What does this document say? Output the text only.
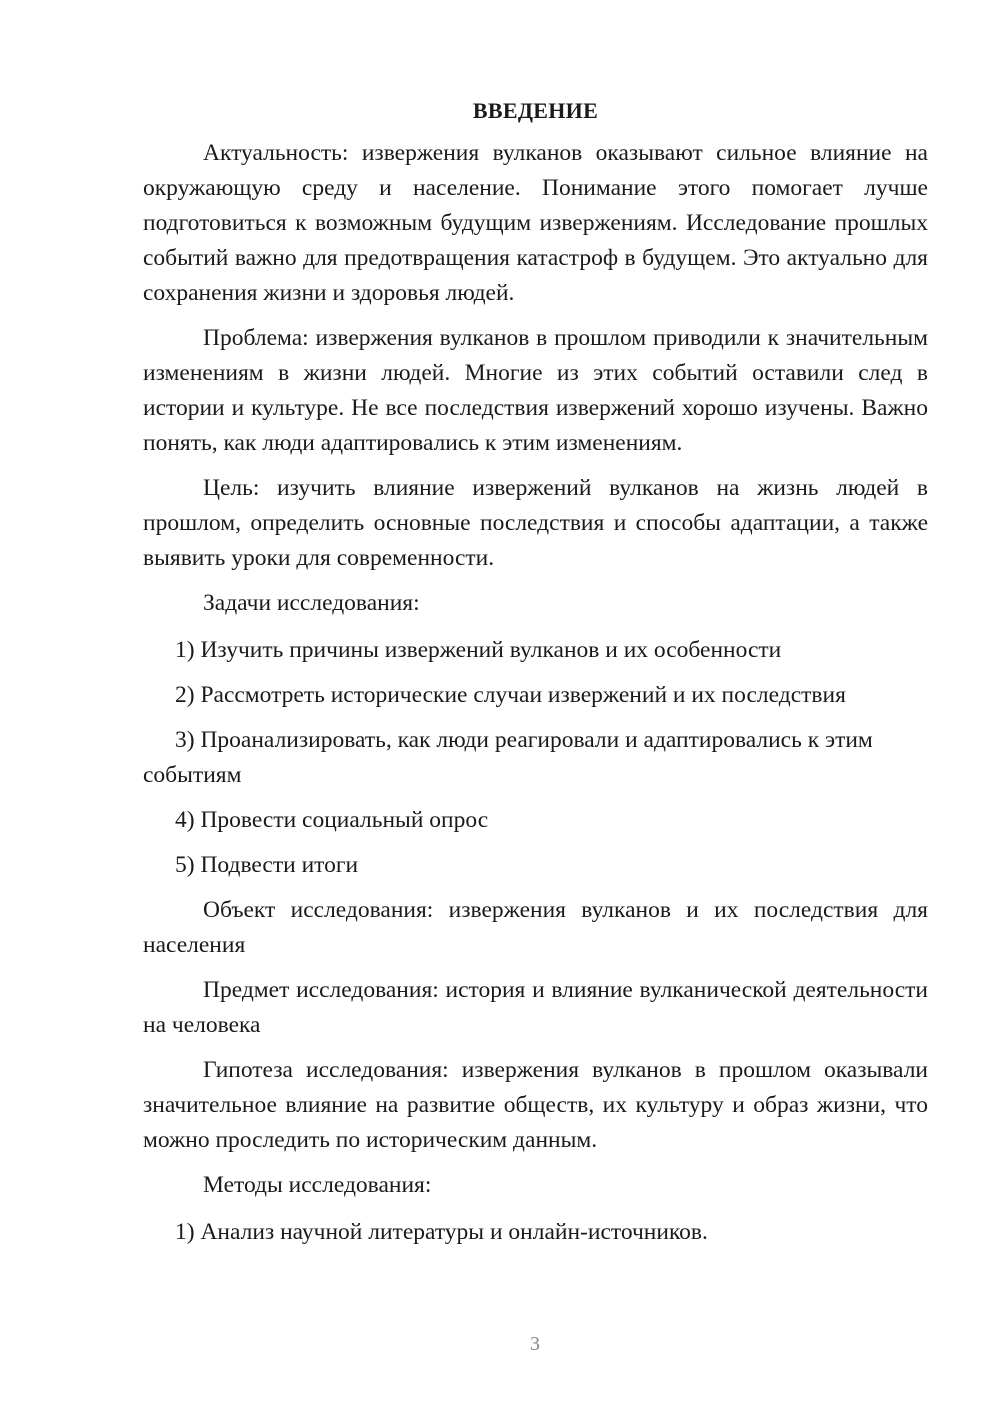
ВВЕДЕНИЕ

Актуальность: извержения вулканов оказывают сильное влияние на окружающую среду и население. Понимание этого помогает лучше подготовиться к возможным будущим извержениям. Исследование прошлых событий важно для предотвращения катастроф в будущем. Это актуально для сохранения жизни и здоровья людей.

Проблема: извержения вулканов в прошлом приводили к значительным изменениям в жизни людей. Многие из этих событий оставили след в истории и культуре. Не все последствия извержений хорошо изучены. Важно понять, как люди адаптировались к этим изменениям.

Цель: изучить влияние извержений вулканов на жизнь людей в прошлом, определить основные последствия и способы адаптации, а также выявить уроки для современности.

Задачи исследования:

1) Изучить причины извержений вулканов и их особенности

2) Рассмотреть исторические случаи извержений и их последствия

3) Проанализировать, как люди реагировали и адаптировались к этим событиям

4) Провести социальный опрос

5) Подвести итоги

Объект исследования: извержения вулканов и их последствия для населения

Предмет исследования: история и влияние вулканической деятельности на человека

Гипотеза исследования: извержения вулканов в прошлом оказывали значительное влияние на развитие обществ, их культуру и образ жизни, что можно проследить по историческим данным.

Методы исследования:

1) Анализ научной литературы и онлайн-источников.

3
